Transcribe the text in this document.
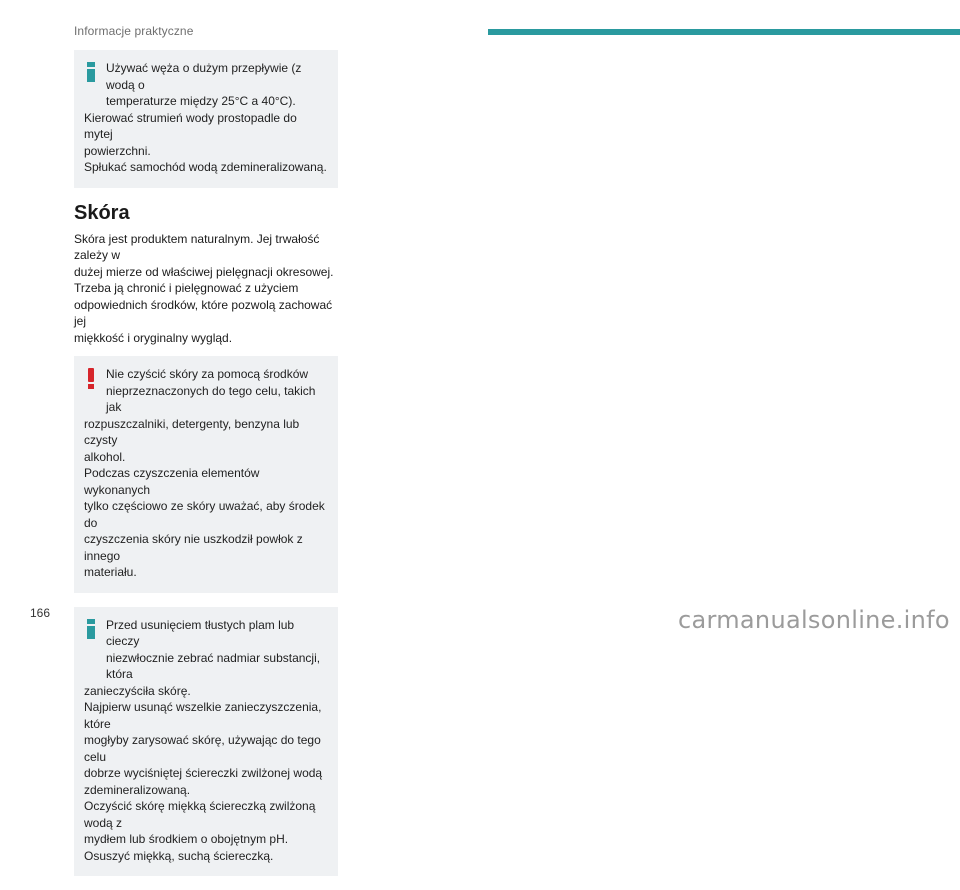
Informacje praktyczne
Używać węża o dużym przepływie (z wodą o
temperaturze między 25°C a 40°C).
Kierować strumień wody prostopadle do mytej
powierzchni.
Spłukać samochód wodą zdemineralizowaną.
Skóra
Skóra jest produktem naturalnym. Jej trwałość zależy w
dużej mierze od właściwej pielęgnacji okresowej.
Trzeba ją chronić i pielęgnować z użyciem
odpowiednich środków, które pozwolą zachować jej
miękkość i oryginalny wygląd.
Nie czyścić skóry za pomocą środków
nieprzeznaczonych do tego celu, takich jak
rozpuszczalniki, detergenty, benzyna lub czysty
alkohol.
Podczas czyszczenia elementów wykonanych
tylko częściowo ze skóry uważać, aby środek do
czyszczenia skóry nie uszkodził powłok z innego
materiału.
Przed usunięciem tłustych plam lub cieczy
niezwłocznie zebrać nadmiar substancji, która
zanieczyściła skórę.
Najpierw usunąć wszelkie zanieczyszczenia, które
mogłyby zarysować skórę, używając do tego celu
dobrze wyciśniętej ściereczki zwilżonej wodą
zdemineralizowaną.
Oczyścić skórę miękką ściereczką zwilżoną wodą z
mydłem lub środkiem o obojętnym pH.
Osuszyć miękką, suchą ściereczką.
166	carmanualsonline.info
